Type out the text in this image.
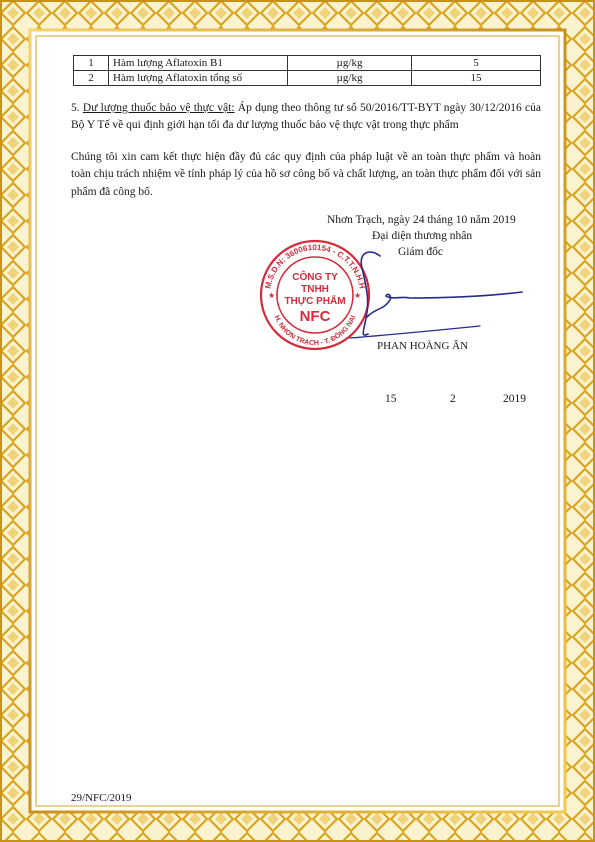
1	Hàm lượng Aflatoxin B1	µg/kg	5
2	Hàm lượng Aflatoxin tổng số	µg/kg	15
5. Dư lượng thuốc bảo vệ thực vật: Áp dụng theo thông tư số 50/2016/TT-BYT ngày 30/12/2016 của Bộ Y Tế về qui định giới hạn tối đa dư lượng thuốc bảo vệ thực vật trong thực phẩm
Chúng tôi xin cam kết thực hiện đầy đủ các quy định của pháp luật về an toàn thực phẩm và hoàn toàn chịu trách nhiệm về tính pháp lý của hồ sơ công bố và chất lượng, an toàn thực phẩm đối với sản phẩm đã công bố.
Nhơn Trạch, ngày 24 tháng 10 năm 2019
Đại diện thương nhân
Giám đốc
M.S.D.N: 3600610154 - C.T.T.N.H.H
H. NHƠN TRẠCH - T. ĐỒNG NAI
★	★
CÔNG TY
TNHH
THỰC PHẨM
NFC
PHAN HOÀNG ÂN
15	2	2019
29/NFC/2019
